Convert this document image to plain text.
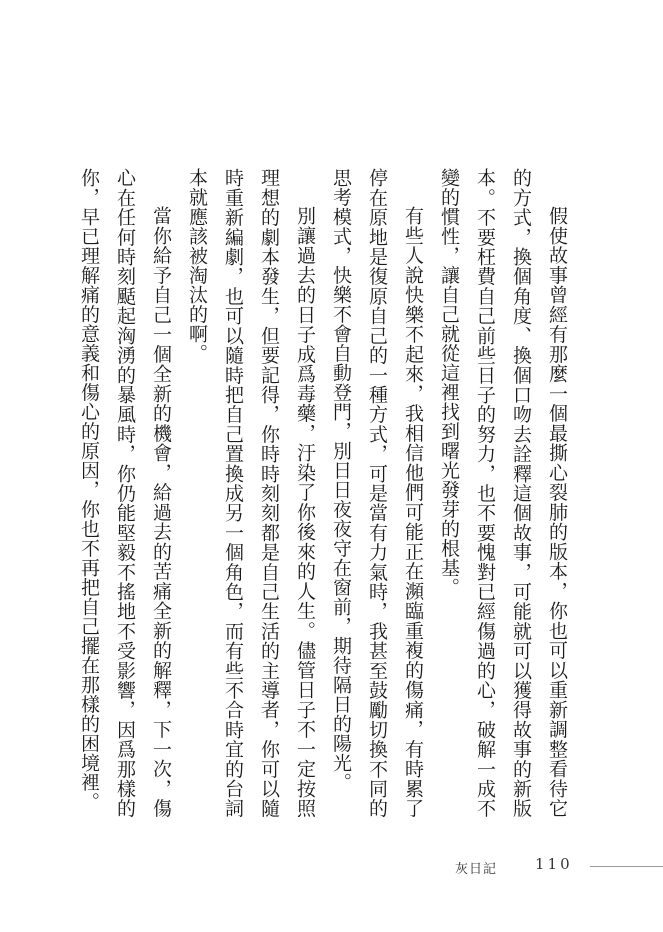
假使故事曾經有那麼一個最撕心裂肺的版本，你也可以重新調整看待它的方式，換個角度、換個口吻去詮釋這個故事，可能就可以獲得故事的新版本。不要枉費自己前些日子的努力，也不要愧對已經傷過的心，破解一成不變的慣性，讓自己就從這裡找到曙光發芽的根基。

有些人說快樂不起來，我相信他們可能正在瀕臨重複的傷痛，有時累了停在原地是復原自己的一種方式，可是當有力氣時，我甚至鼓勵切換不同的思考模式，快樂不會自動登門，別日日夜夜守在窗前，期待隔日的陽光。

別讓過去的日子成爲毒藥，汙染了你後來的人生。儘管日子不一定按照理想的劇本發生，但要記得，你時時刻刻都是自己生活的主導者，你可以隨時重新編劇，也可以隨時把自己置換成另一個角色，而有些不合時宜的台詞本就應該被淘汰的啊。

當你給予自己一個全新的機會，給過去的苦痛全新的解釋，下一次，傷心在任何時刻颳起洶湧的暴風時，你仍能堅毅不搖地不受影響，因爲那樣的你，早已理解痛的意義和傷心的原因，你也不再把自己擺在那樣的困境裡。

灰日記	110
